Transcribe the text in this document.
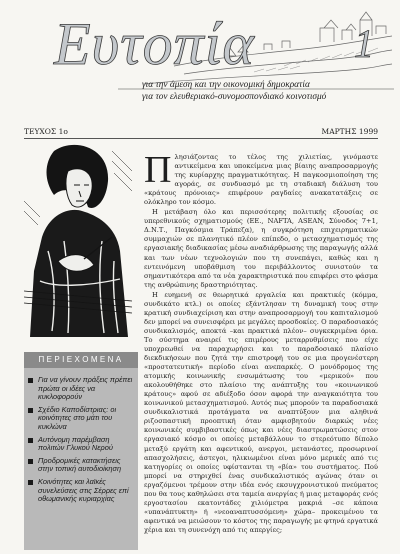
Ευτοπία 1
για την άμεση και την οικονομική δημοκρατία
για τον ελευθεριακό-συνομοσπονδιακό κοινοτισμό
ΤΕΥΧΟΣ 1ο	ΜΑΡΤΗΣ 1999
ΠΕΡΙΕΧΟΜΕΝΑ
Για να γίνουν πράξεις πρέπει πρώτα οι ιδέες να κυκλοφορούν
Σχέδιο Καποδίστριας: οι κοινότητες στο μάτι του κυκλώνα
Αυτόνομη παρέμβαση πολιτών Γλυκού Νερού
Προδρομικές κατακτήσεις στην τοπική αυτοδιοίκηση
Κοινότητες και λαϊκές συνελεύσεις στις Σέρρες επί οθωμανικής κυριαρχίας

Πλησιάζοντας το τέλος της χιλιετίας, γινόμαστε αντικείμενα και υποκείμενα μιας βίαιης αναπροσαρμογής της κυρίαρχης πραγματικότητας. Η παγκοσμιοποίηση της αγοράς, σε συνδυασμό με τη σταδιακή διάλυση του «κράτους πρόνοιας» επιφέρουν ραγδαίες ανακατατάξεις σε ολόκληρο τον κόσμο.

Η μετάβαση όλο και περισσότερης πολιτικής εξουσίας σε υπερεθνικούς σχηματισμούς (ΕΕ., NAFTA, ASEAN, Σύνοδος 7+1, Δ.Ν.Τ., Παγκόσμια Τράπεζα), η συγκρότηση επιχειρηματικών συμμαχιών σε πλανητικό πλέον επίπεδο, ο μετασχηματισμός της εργασιακής διαδικασίας μέσω αναδιάρθρωσης της παραγωγής αλλά και των νέων τεχνολογιών που τη συνεπάγει, καθώς και η εντεινόμενη υποβάθμιση του περιβάλλοντος συνιστούν τα σημαντικότερα από τα νέα χαρακτηριστικά που επιφέρει στο φάσμα της ανθρώπινης δραστηριότητας.

Η ευημενή σε θεωρητικά εργαλεία και πρακτικές (κόμμα, συνδικάτο κτλ.) οι οποίες εξάντλησαν τη δυναμική τους στην κρατική συνδιαχείριση και στην αναπροσαρμογή του καπιταλισμού δεν μπορεί να συνεισφέρει με μεγάλες προσδοκίες. Ο παραδοσιακός συνδικαλισμός, αποκτά –και πρακτικά πλέον– συγκεκριμένα όρια. Το σύστημα αναιρεί τις επιμέρους μεταρρυθμίσεις που είχε υποχρεωθεί να παραχωρήσει και το παραδοσιακό πλαίσιο διεκδικήσεων που ζητά την επιστροφή του σε μια προγενέστερη «προστατευτική» περίοδο είναι ανεπαρκές. Ο μονόδρομος της ατομικής κοινωνικής ενσωμάτωσης του «μερικού» που ακολουθήθηκε στο πλαίσιο της ανάπτυξης του «κοινωνικού κράτους» αφού σε αδιέξοδο όσον αφορά την αναγκαιότητα του κοινωνικού μετασχηματισμού. Αυτός πως μπορούν τα παραδοσιακά συνδικαλιστικά προτάγματα να αναπτύξουν μια αληθινά ριζοσπαστική προοπτική όταν αμφισβητούν διαρκώς νέες κοινωνικές συμβιβαστικές όπως και νέες διαστρωματώσεις στον εργασιακό κόσμο οι οποίες μεταβάλλουν το στερεότυπο δίπολο μεταξύ εργάτη και αφεντικού, ανεργοι, μετανάστες, προσωρινοί απασχολήσεις, άστεγοι, ηλικιωμένοι είναι μόνο μερικές από τις κατηγορίες οι οποίες υφίστανται τη «βία» του συστήματος. Πού μπορεί να στηριχθεί ένας συνδικαλιστικός αγώνας όταν οι εργαζόμενοι τρέμουν στην ιδέα ενός εκσυγχρονιστικού πνεύματος που θα τους καθηλώσει στα ταμεία ανεργίας ή μιας μεταφοράς ενός εργοστασίου εκατοντάδες χιλιόμετρα μακριά –σε κάποια «υπανάπτυκτη» ή «νεοαναπτυσσόμενη» χώρα– προκειμένου τα αφεντικά να μειώσουν το κόστος της παραγωγής με φτηνά εργατικά χέρια και τη συνενόχη από τις απεργίες;
